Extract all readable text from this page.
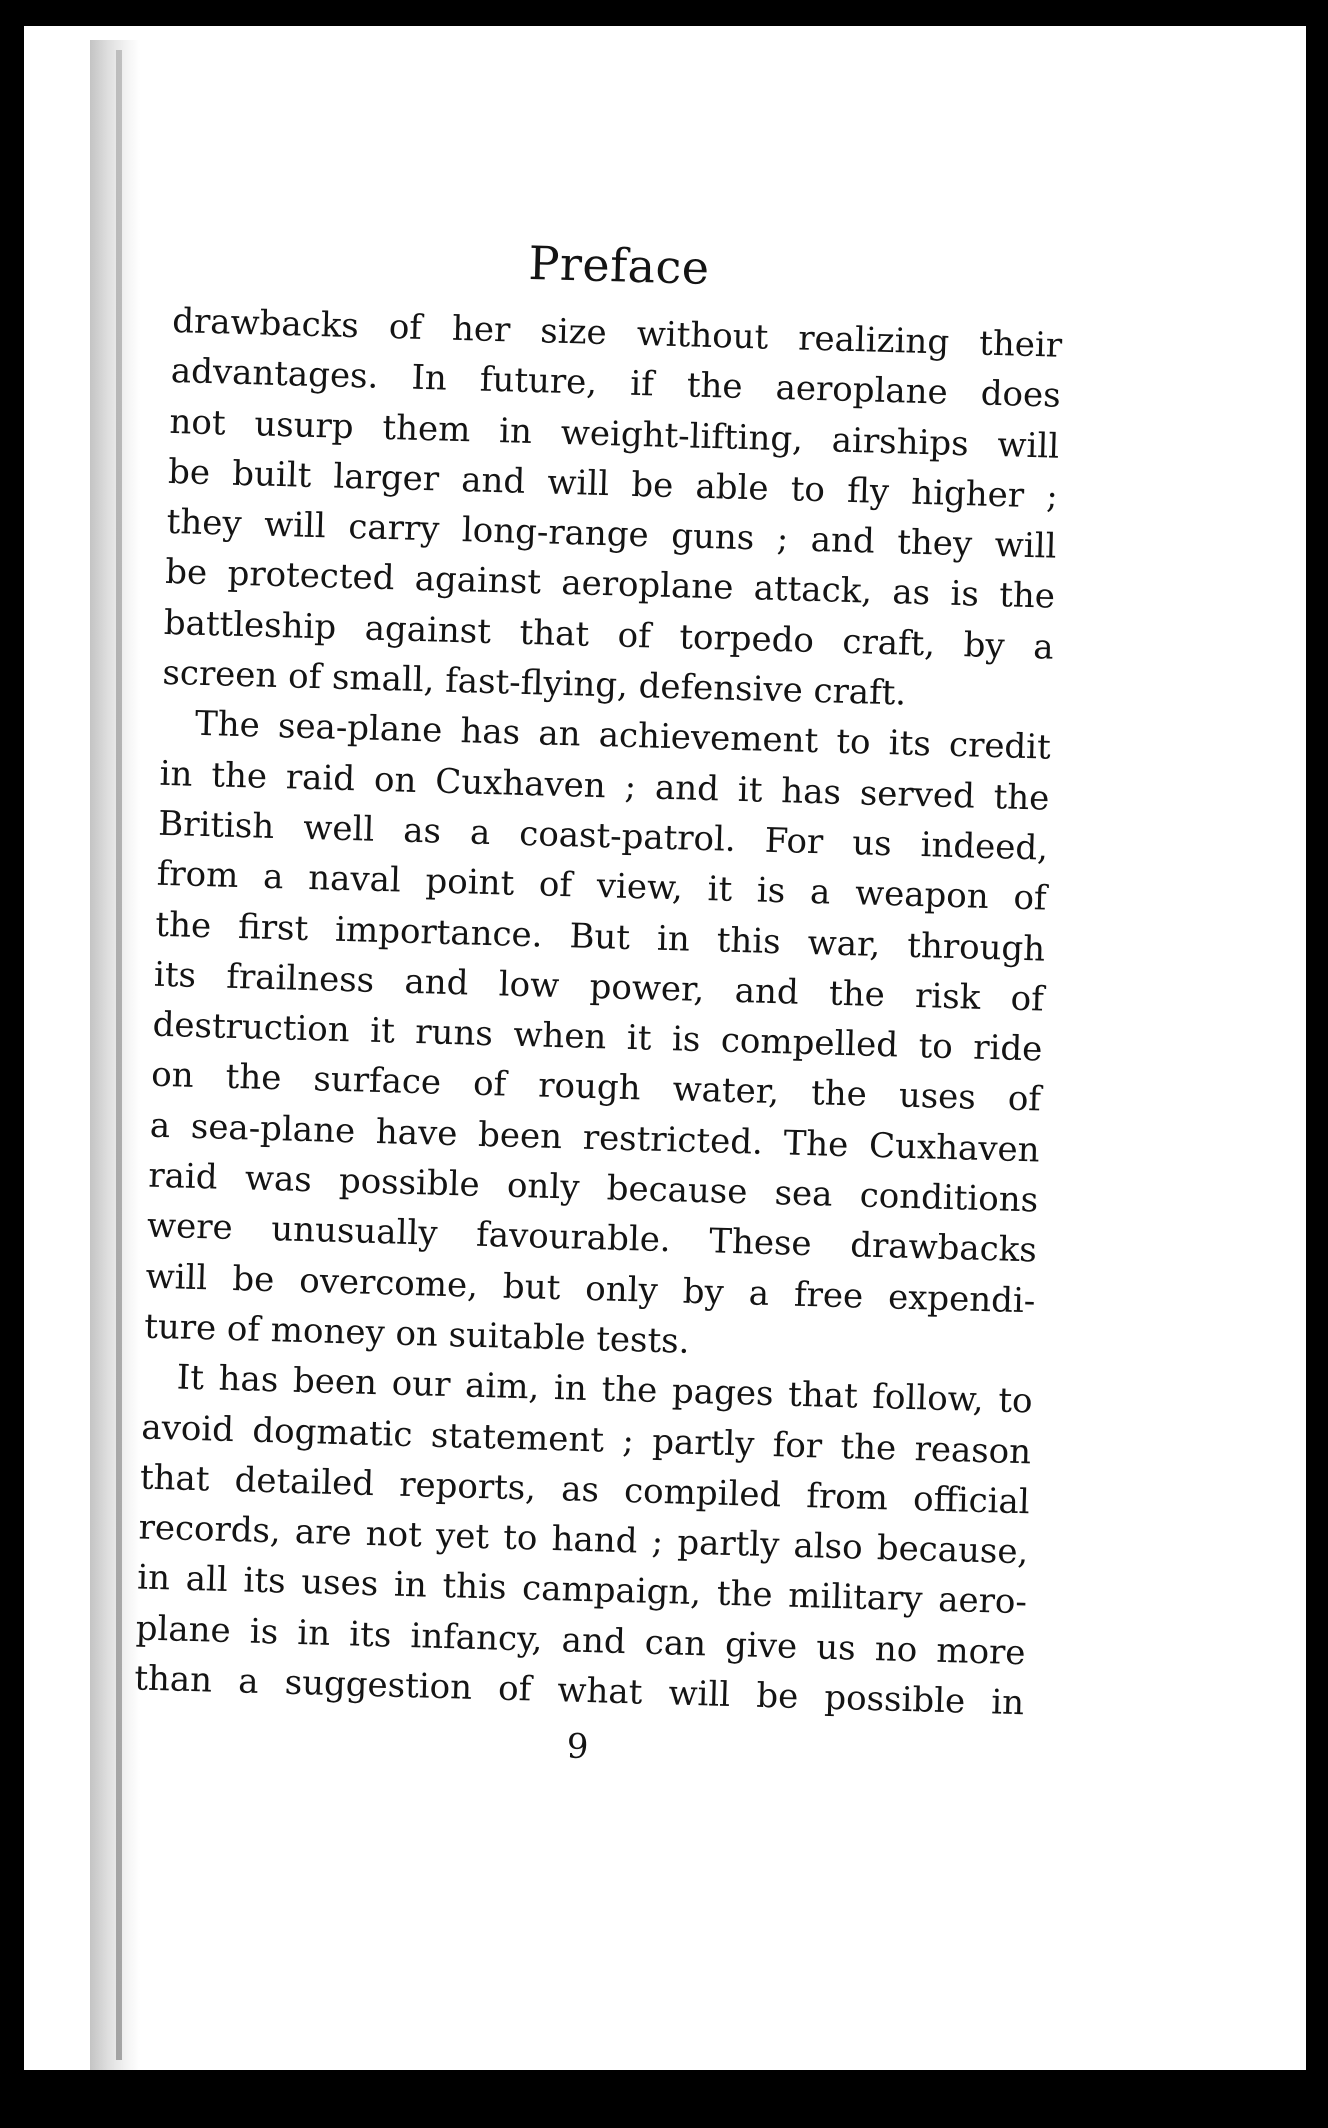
Preface

drawbacks of her size without realizing their
advantages. In future, if the aeroplane does
not usurp them in weight-lifting, airships will
be built larger and will be able to fly higher ;
they will carry long-range guns ; and they will
be protected against aeroplane attack, as is the
battleship against that of torpedo craft, by a
screen of small, fast-flying, defensive craft.

The sea-plane has an achievement to its credit
in the raid on Cuxhaven ; and it has served the
British well as a coast-patrol. For us indeed,
from a naval point of view, it is a weapon of
the first importance. But in this war, through
its frailness and low power, and the risk of
destruction it runs when it is compelled to ride
on the surface of rough water, the uses of
a sea-plane have been restricted. The Cuxhaven
raid was possible only because sea conditions
were unusually favourable. These drawbacks
will be overcome, but only by a free expendi-
ture of money on suitable tests.

It has been our aim, in the pages that follow, to
avoid dogmatic statement ; partly for the reason
that detailed reports, as compiled from official
records, are not yet to hand ; partly also because,
in all its uses in this campaign, the military aero-
plane is in its infancy, and can give us no more
than a suggestion of what will be possible in

9
